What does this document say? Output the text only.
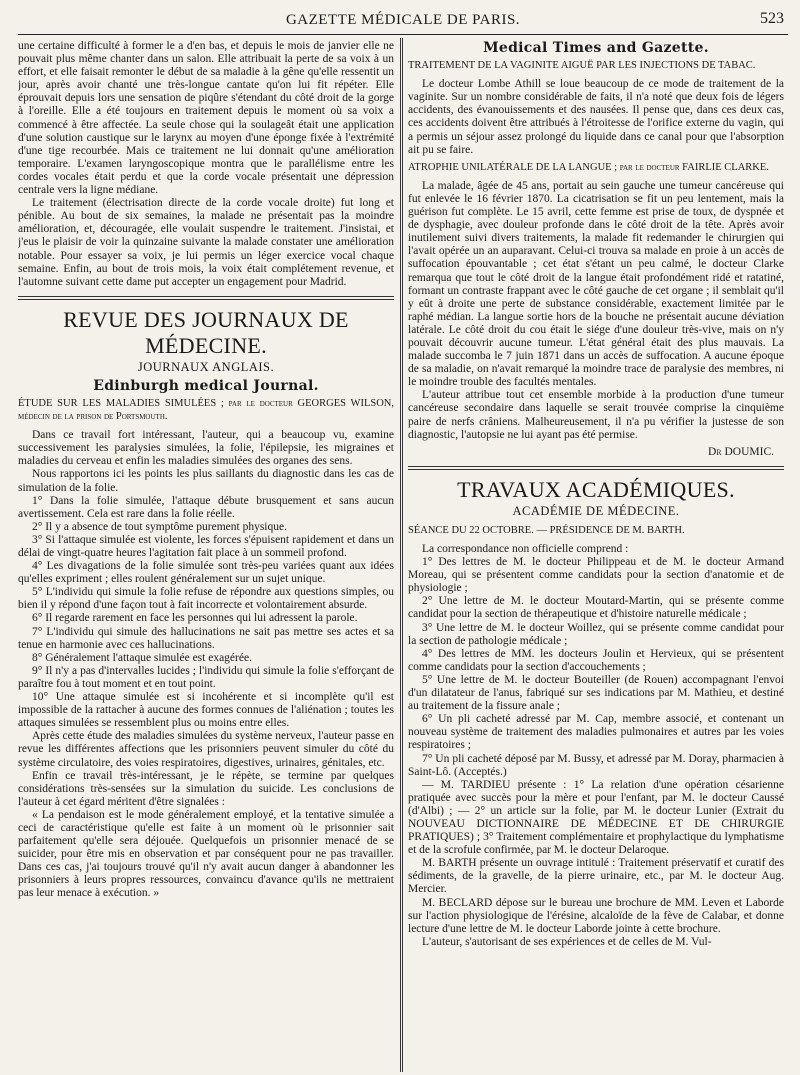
GAZETTE MÉDICALE DE PARIS.	523

une certaine difficulté à former le a d'en bas, et depuis le mois de janvier elle ne pouvait plus même chanter dans un salon. Elle attribuait la perte de sa voix à un effort, et elle faisait remonter le début de sa maladie à la gêne qu'elle ressentit un jour, après avoir chanté une très-longue cantate qu'on lui fit répéter. Elle éprouvait depuis lors une sensation de piqûre s'étendant du côté droit de la gorge à l'oreille. Elle a été toujours en traitement depuis le moment où sa voix a commencé à être affectée. La seule chose qui la soulageât était une application d'une solution caustique sur le larynx au moyen d'une éponge fixée à l'extrémité d'une tige recourbée. Mais ce traitement ne lui donnait qu'une amélioration temporaire. L'examen laryngoscopique montra que le parallélisme entre les cordes vocales était perdu et que la corde vocale présentait une dépression centrale vers la ligne médiane.

Le traitement (électrisation directe de la corde vocale droite) fut long et pénible. Au bout de six semaines, la malade ne présentait pas la moindre amélioration, et, découragée, elle voulait suspendre le traitement. J'insistai, et j'eus le plaisir de voir la quinzaine suivante la malade constater une amélioration notable. Pour essayer sa voix, je lui permis un léger exercice vocal chaque semaine. Enfin, au bout de trois mois, la voix était complétement revenue, et l'automne suivant cette dame put accepter un engagement pour Madrid.

REVUE DES JOURNAUX DE MÉDECINE.
JOURNAUX ANGLAIS.
Edinburgh medical Journal.

ÉTUDE SUR LES MALADIES SIMULÉES ; par le docteur GEORGES WILSON, médecin de la prison de Portsmouth.

Dans ce travail fort intéressant, l'auteur, qui a beaucoup vu, examine successivement les paralysies simulées, la folie, l'épilepsie, les migraines et maladies du cerveau et enfin les maladies simulées des organes des sens.

Nous rapportons ici les points les plus saillants du diagnostic dans les cas de simulation de la folie.

1° Dans la folie simulée, l'attaque débute brusquement et sans aucun avertissement. Cela est rare dans la folie réelle.

2° Il y a absence de tout symptôme purement physique.

3° Si l'attaque simulée est violente, les forces s'épuisent rapidement et dans un délai de vingt-quatre heures l'agitation fait place à un sommeil profond.

4° Les divagations de la folie simulée sont très-peu variées quant aux idées qu'elles expriment ; elles roulent généralement sur un sujet unique.

5° L'individu qui simule la folie refuse de répondre aux questions simples, ou bien il y répond d'une façon tout à fait incorrecte et volontairement absurde.

6° Il regarde rarement en face les personnes qui lui adressent la parole.

7° L'individu qui simule des hallucinations ne sait pas mettre ses actes et sa tenue en harmonie avec ces hallucinations.

8° Généralement l'attaque simulée est exagérée.

9° Il n'y a pas d'intervalles lucides ; l'individu qui simule la folie s'efforçant de paraître fou à tout moment et en tout point.

10° Une attaque simulée est si incohérente et si incomplète qu'il est impossible de la rattacher à aucune des formes connues de l'aliénation ; toutes les attaques simulées se ressemblent plus ou moins entre elles.

Après cette étude des maladies simulées du système nerveux, l'auteur passe en revue les différentes affections que les prisonniers peuvent simuler du côté du système circulatoire, des voies respiratoires, digestives, urinaires, génitales, etc.

Enfin ce travail très-intéressant, je le répète, se termine par quelques considérations très-sensées sur la simulation du suicide. Les conclusions de l'auteur à cet égard méritent d'être signalées :

« La pendaison est le mode généralement employé, et la tentative simulée a ceci de caractéristique qu'elle est faite à un moment où le prisonnier sait parfaitement qu'elle sera déjouée. Quelquefois un prisonnier menacé de se suicider, pour être mis en observation et par conséquent pour ne pas travailler. Dans ces cas, j'ai toujours trouvé qu'il n'y avait aucun danger à abandonner les prisonniers à leurs propres ressources, convaincu d'avance qu'ils ne mettraient pas leur menace à exécution. »

Medical Times and Gazette.

TRAITEMENT DE LA VAGINITE AIGUË PAR LES INJECTIONS DE TABAC.

Le docteur Lombe Athill se loue beaucoup de ce mode de traitement de la vaginite. Sur un nombre considérable de faits, il n'a noté que deux fois de légers accidents, des évanouissements et des nausées. Il pense que, dans ces deux cas, ces accidents doivent être attribués à l'étroitesse de l'orifice externe du vagin, qui a permis un séjour assez prolongé du liquide dans ce canal pour que l'absorption ait pu se faire.

ATROPHIE UNILATÉRALE DE LA LANGUE ; par le docteur FAIRLIE CLARKE.

La malade, âgée de 45 ans, portait au sein gauche une tumeur cancéreuse qui fut enlevée le 16 février 1870. La cicatrisation se fit un peu lentement, mais la guérison fut complète. Le 15 avril, cette femme est prise de toux, de dyspnée et de dysphagie, avec douleur profonde dans le côté droit de la tête. Après avoir inutilement suivi divers traitements, la malade fit redemander le chirurgien qui l'avait opérée un an auparavant. Celui-ci trouva sa malade en proie à un accès de suffocation épouvantable ; cet état s'étant un peu calmé, le docteur Clarke remarqua que tout le côté droit de la langue était profondément ridé et ratatiné, formant un contraste frappant avec le côté gauche de cet organe ; il semblait qu'il y eût à droite une perte de substance considérable, exactement limitée par le raphé médian. La langue sortie hors de la bouche ne présentait aucune déviation latérale. Le côté droit du cou était le siége d'une douleur très-vive, mais on n'y pouvait découvrir aucune tumeur. L'état général était des plus mauvais. La malade succomba le 7 juin 1871 dans un accès de suffocation. A aucune époque de sa maladie, on n'avait remarqué la moindre trace de paralysie des membres, ni le moindre trouble des facultés mentales.

L'auteur attribue tout cet ensemble morbide à la production d'une tumeur cancéreuse secondaire dans laquelle se serait trouvée comprise la cinquième paire de nerfs crâniens. Malheureusement, il n'a pu vérifier la justesse de son diagnostic, l'autopsie ne lui ayant pas été permise.

Dr DOUMIC.
TRAVAUX ACADÉMIQUES.
ACADÉMIE DE MÉDECINE.

SÉANCE DU 22 OCTOBRE. — PRÉSIDENCE DE M. BARTH.

La correspondance non officielle comprend :

1° Des lettres de M. le docteur Philippeau et de M. le docteur Armand Moreau, qui se présentent comme candidats pour la section d'anatomie et de physiologie ;

2° Une lettre de M. le docteur Moutard-Martin, qui se présente comme candidat pour la section de thérapeutique et d'histoire naturelle médicale ;

3° Une lettre de M. le docteur Woillez, qui se présente comme candidat pour la section de pathologie médicale ;

4° Des lettres de MM. les docteurs Joulin et Hervieux, qui se présentent comme candidats pour la section d'accouchements ;

5° Une lettre de M. le docteur Bouteiller (de Rouen) accompagnant l'envoi d'un dilatateur de l'anus, fabriqué sur ses indications par M. Mathieu, et destiné au traitement de la fissure anale ;

6° Un pli cacheté adressé par M. Cap, membre associé, et contenant un nouveau système de traitement des maladies pulmonaires et autres par les voies respiratoires ;

7° Un pli cacheté déposé par M. Bussy, et adressé par M. Doray, pharmacien à Saint-Lô. (Acceptés.)

— M. TARDIEU présente : 1° La relation d'une opération césarienne pratiquée avec succès pour la mère et pour l'enfant, par M. le docteur Caussé (d'Albi) ; — 2° un article sur la folie, par M. le docteur Lunier (Extrait du NOUVEAU DICTIONNAIRE DE MÉDECINE ET DE CHIRURGIE PRATIQUES) ; 3° Traitement complémentaire et prophylactique du lymphatisme et de la scrofule confirmée, par M. le docteur Delaroque.

M. BARTH présente un ouvrage intitulé : Traitement préservatif et curatif des sédiments, de la gravelle, de la pierre urinaire, etc., par M. le docteur Aug. Mercier.

M. BECLARD dépose sur le bureau une brochure de MM. Leven et Laborde sur l'action physiologique de l'érésine, alcaloïde de la fève de Calabar, et donne lecture d'une lettre de M. le docteur Laborde jointe à cette brochure.

L'auteur, s'autorisant de ses expériences et de celles de M. Vul-
